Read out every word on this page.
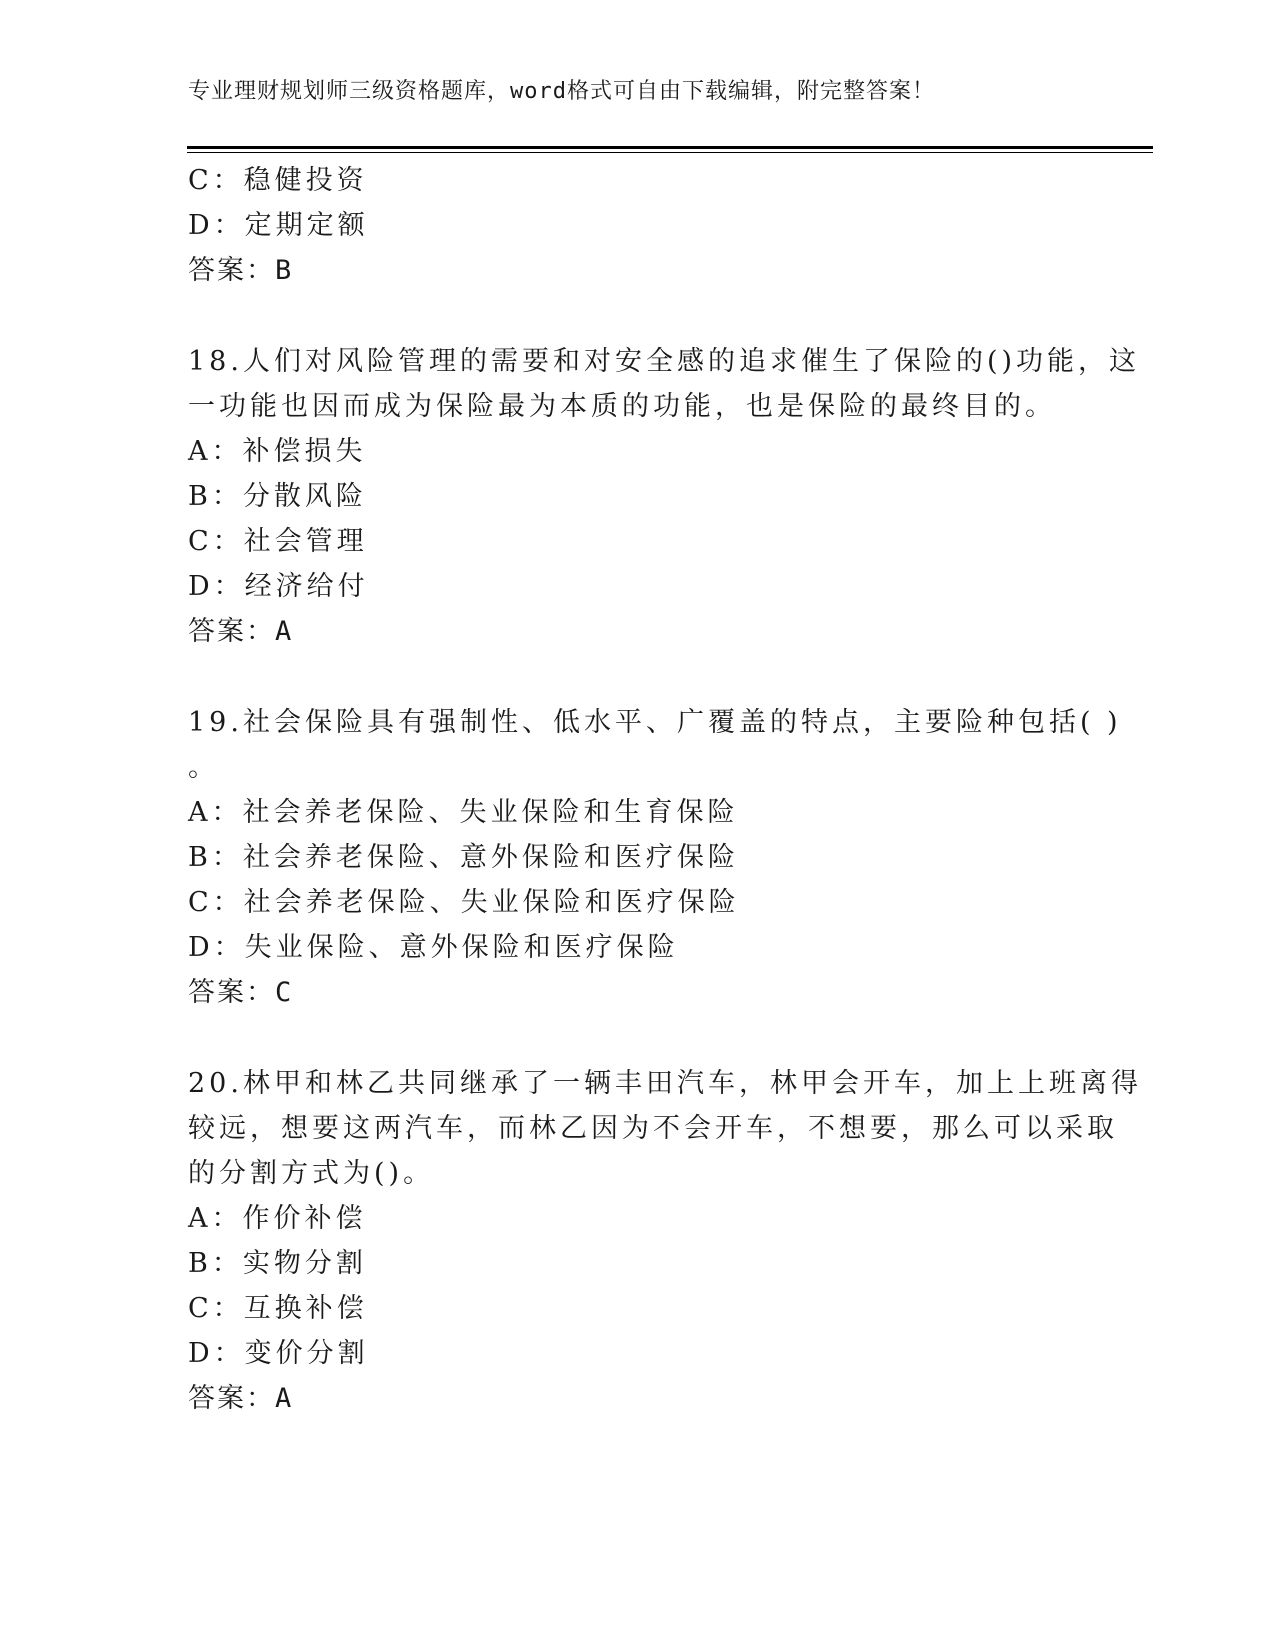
专业理财规划师三级资格题库，word格式可自由下载编辑，附完整答案！
C：稳健投资
D：定期定额
答案：B
18.人们对风险管理的需要和对安全感的追求催生了保险的()功能，这
一功能也因而成为保险最为本质的功能，也是保险的最终目的。
A：补偿损失
B：分散风险
C：社会管理
D：经济给付
答案：A
19.社会保险具有强制性、低水平、广覆盖的特点，主要险种包括( )
。
A：社会养老保险、失业保险和生育保险
B：社会养老保险、意外保险和医疗保险
C：社会养老保险、失业保险和医疗保险
D：失业保险、意外保险和医疗保险
答案：C
20.林甲和林乙共同继承了一辆丰田汽车，林甲会开车，加上上班离得
较远，想要这两汽车，而林乙因为不会开车，不想要，那么可以采取
的分割方式为()。
A：作价补偿
B：实物分割
C：互换补偿
D：变价分割
答案：A
